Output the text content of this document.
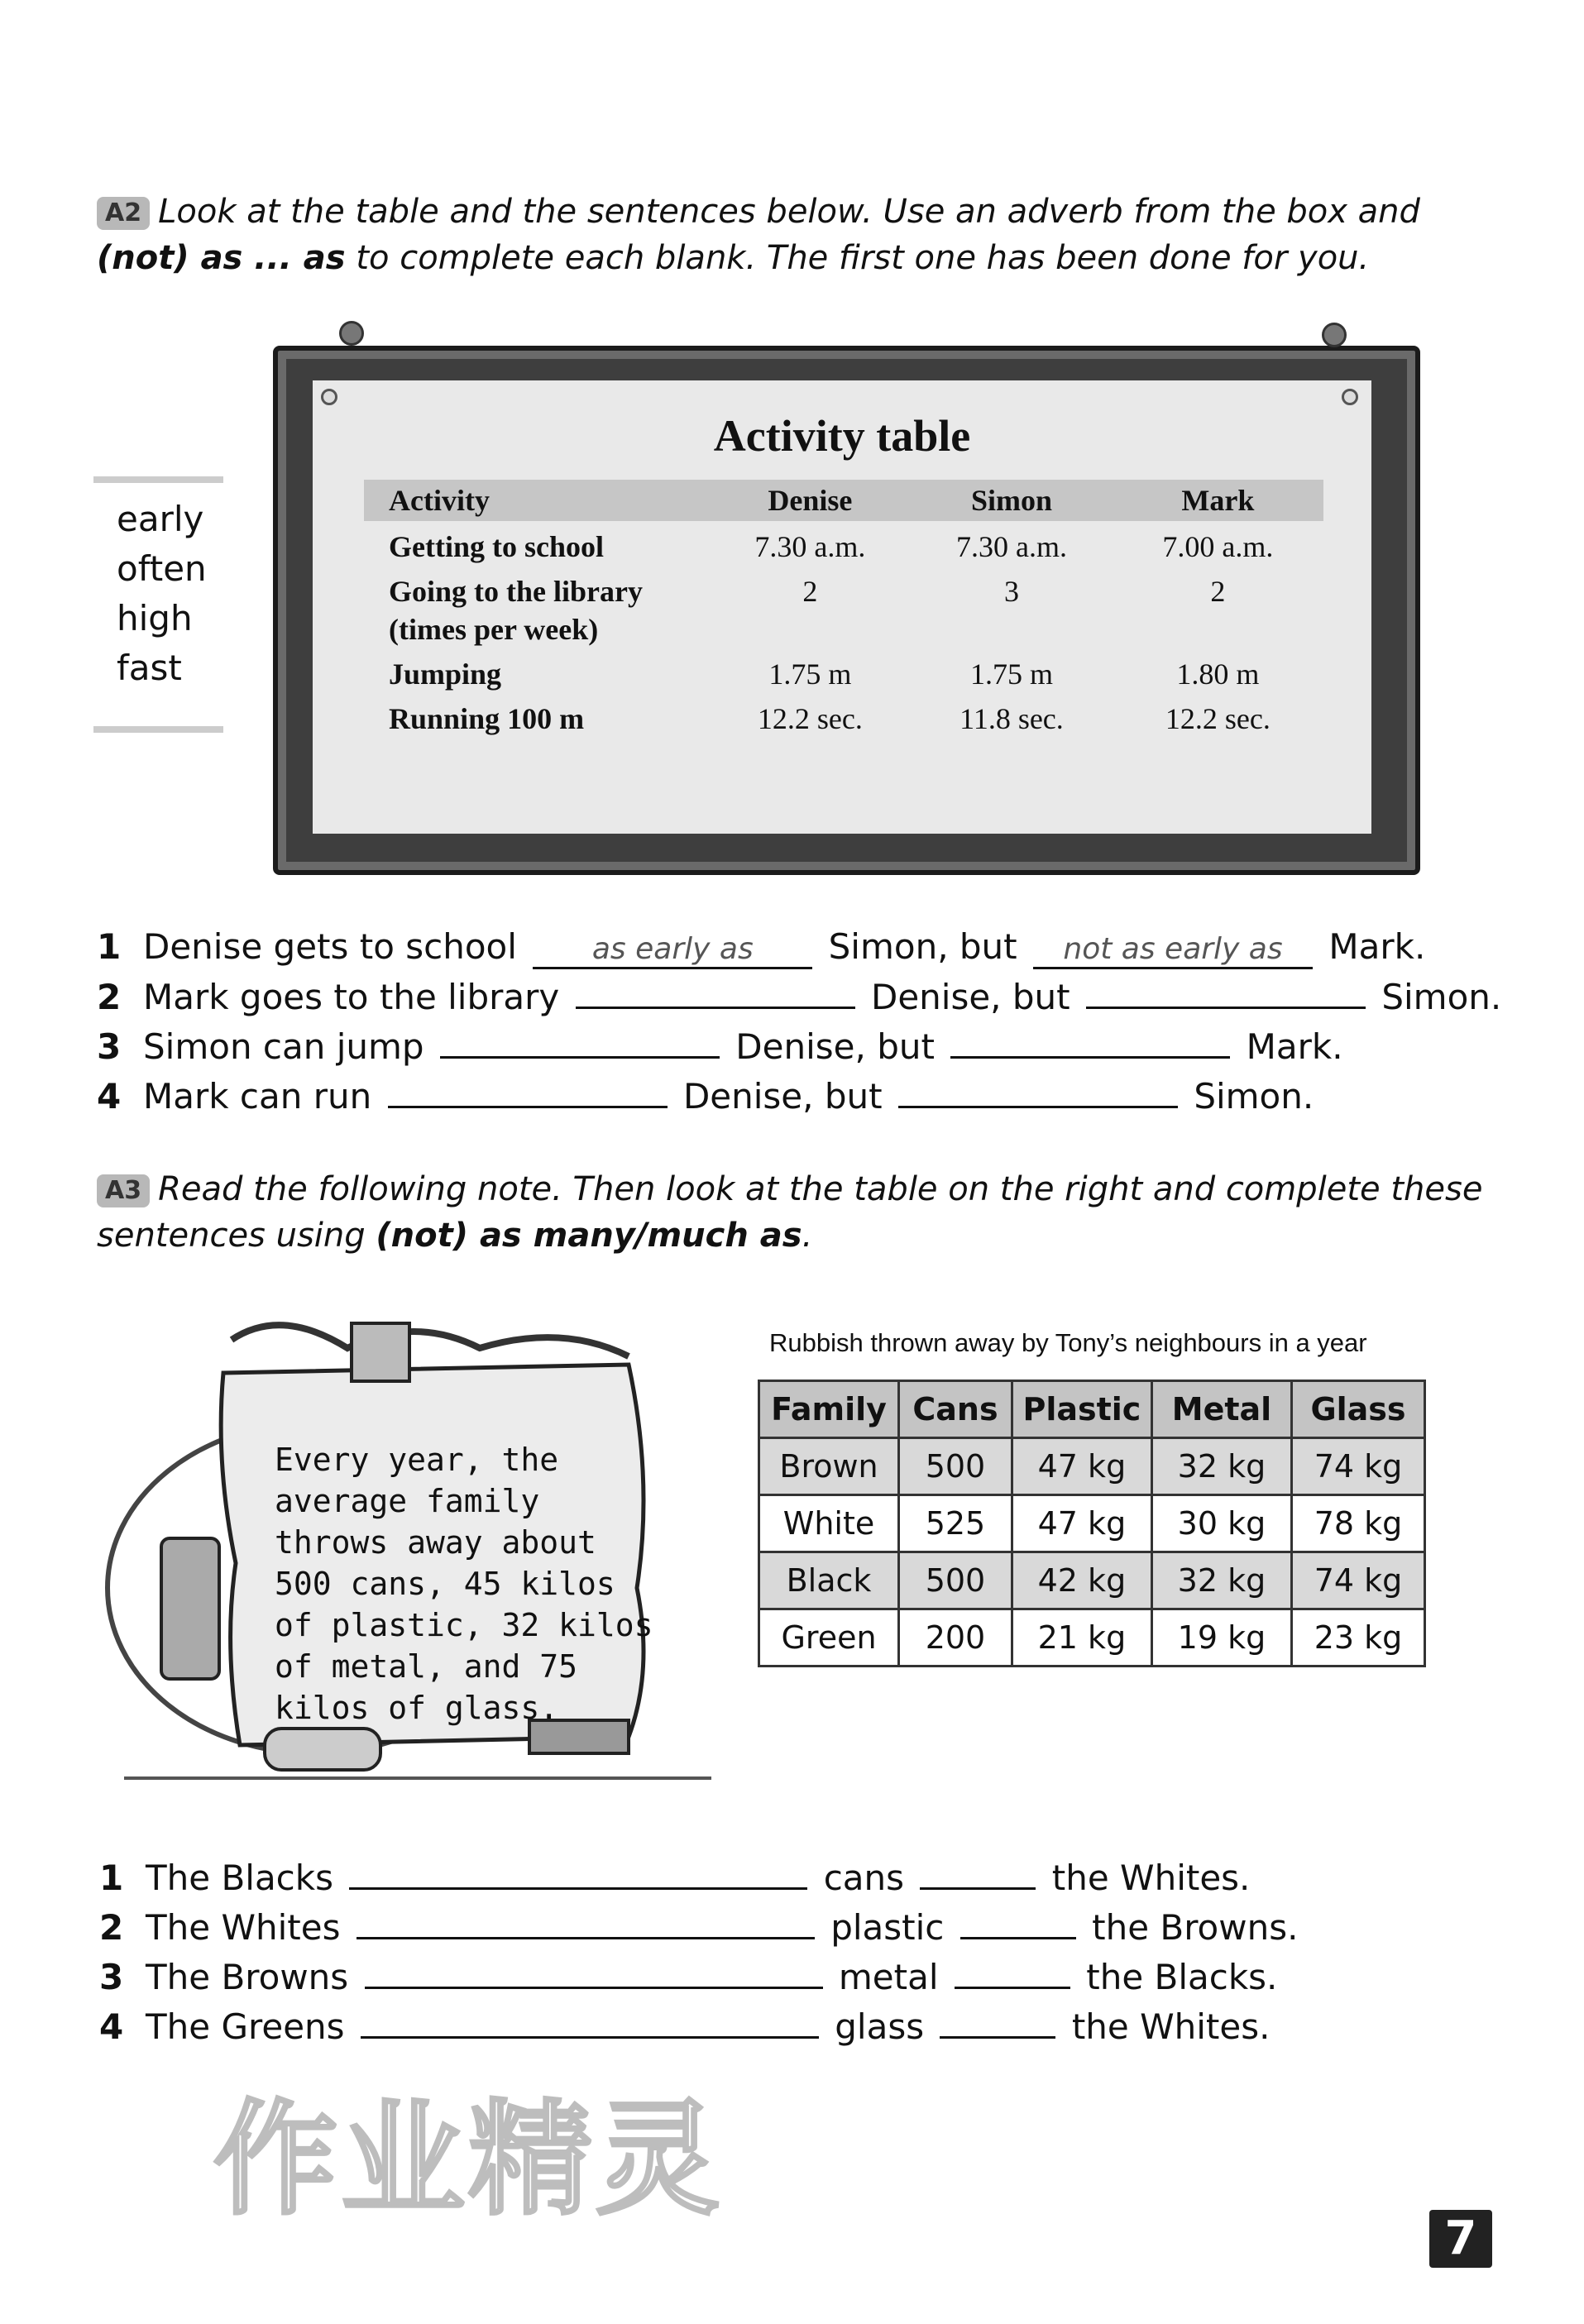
A2 Look at the table and the sentences below. Use an adverb from the box and
(not) as ... as to complete each blank. The first one has been done for you.
early
often
high
fast
Activity table
Activity	Denise	Simon	Mark
Getting to school	7.30 a.m.	7.30 a.m.	7.00 a.m.
Going to the library
(times per week)	2	3	2
Jumping	1.75 m	1.75 m	1.80 m
Running 100 m	12.2 sec.	11.8 sec.	12.2 sec.
1 Denise gets to school	as early as Simon, but not as early as Mark.
2 Mark goes to the library	Denise, but	Simon.
3 Simon can jump	Denise, but	Mark.
4 Mark can run	Denise, but	Simon.
A3 Read the following note. Then look at the table on the right and complete these
sentences using (not) as many/much as.
Every year, the average family throws away about 500 cans, 45 kilos of plastic, 32 kilos of metal, and 75 kilos of glass.
Rubbish thrown away by Tony’s neighbours in a year
Family	Cans	Plastic	Metal	Glass
Brown	500	47 kg	32 kg	74 kg
White	525	47 kg	30 kg	78 kg
Black	500	42 kg	32 kg	74 kg
Green	200	21 kg	19 kg	23 kg
1 The Blacks	cans	the Whites.
2 The Whites	plastic	the Browns.
3 The Browns	metal	the Blacks.
4 The Greens	glass	the Whites.
作业精灵
7
